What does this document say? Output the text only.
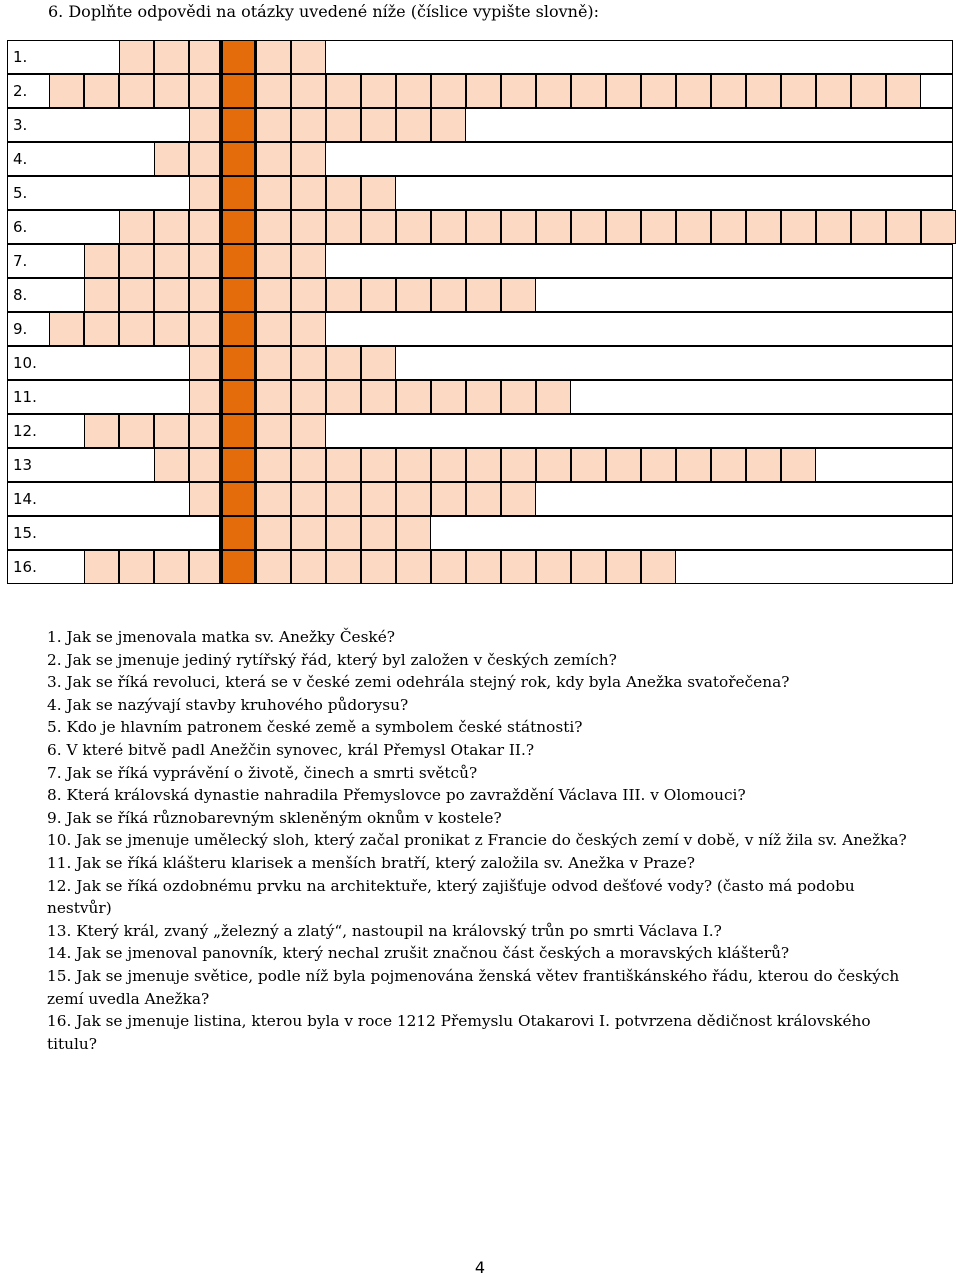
6. Doplňte odpovědi na otázky uvedené níže (číslice vypište slovně):
1.
2.
3.
4.
5.
6.
7.
8.
9.
10.
11.
12.
13
14.
15.
16.

1. Jak se jmenovala matka sv. Anežky České?

2. Jak se jmenuje jediný rytířský řád, který byl založen v českých zemích?

3. Jak se říká revoluci, která se v české zemi odehrála stejný rok, kdy byla Anežka svatořečena?

4. Jak se nazývají stavby kruhového půdorysu?

5. Kdo je hlavním patronem české země a symbolem české státnosti?

6. V které bitvě padl Anežčin synovec, král Přemysl Otakar II.?

7. Jak se říká vyprávění o životě, činech a smrti světců?

8. Která královská dynastie nahradila Přemyslovce po zavraždění Václava III. v Olomouci?

9. Jak se říká různobarevným skleněným oknům v kostele?

10. Jak se jmenuje umělecký sloh, který začal pronikat z Francie do českých zemí v době, v níž žila sv. Anežka?

11. Jak se říká klášteru klarisek a menších bratří, který založila sv. Anežka v Praze?

12. Jak se říká ozdobnému prvku na architektuře, který zajišťuje odvod dešťové vody? (často má podobu nestvůr)

13. Který král, zvaný „železný a zlatý“, nastoupil na královský trůn po smrti Václava I.?

14. Jak se jmenoval panovník, který nechal zrušit značnou část českých a moravských klášterů?

15. Jak se jmenuje světice, podle níž byla pojmenována ženská větev františkánského řádu, kterou do českých zemí uvedla Anežka?

16. Jak se jmenuje listina, kterou byla v roce 1212 Přemyslu Otakarovi I. potvrzena dědičnost královského titulu?

4
